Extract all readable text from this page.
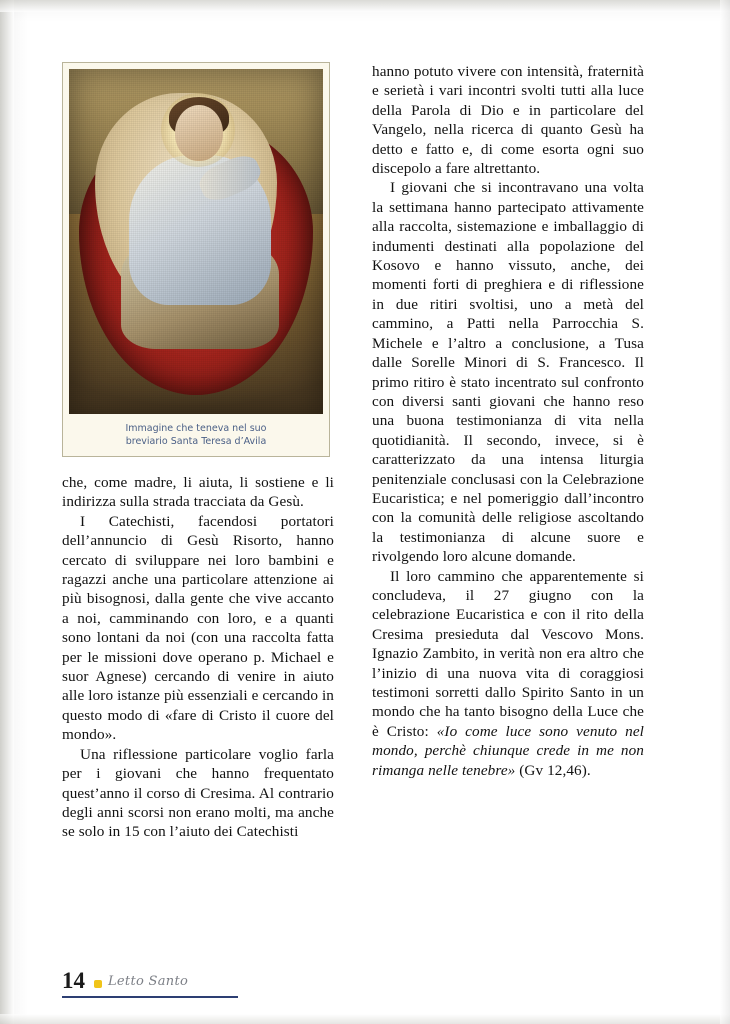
Immagine che teneva nel suo
breviario Santa Teresa d’Avila

che, come madre, li aiuta, li sostiene e li indirizza sulla strada tracciata da Gesù.

I Catechisti, facendosi portatori dell’annuncio di Gesù Risorto, hanno cercato di sviluppare nei loro bambini e ragazzi anche una particolare attenzione ai più bisognosi, dalla gente che vive accanto a noi, camminando con loro, e a quanti sono lontani da noi (con una raccolta fatta per le missioni dove operano p. Michael e suor Agnese) cercando di venire in aiuto alle loro istanze più essenziali e cercando in questo modo di «fare di Cristo il cuore del mondo».

Una riflessione particolare voglio farla per i giovani che hanno frequentato quest’anno il corso di Cresima. Al contrario degli anni scorsi non erano molti, ma anche se solo in 15 con l’aiuto dei Catechisti

hanno potuto vivere con intensità, fraternità e serietà i vari incontri svolti tutti alla luce della Parola di Dio e in particolare del Vangelo, nella ricerca di quanto Gesù ha detto e fatto e, di come esorta ogni suo discepolo a fare altrettanto.

I giovani che si incontravano una volta la settimana hanno partecipato attivamente alla raccolta, sistemazione e imballaggio di indumenti destinati alla popolazione del Kosovo e hanno vissuto, anche, dei momenti forti di preghiera e di riflessione in due ritiri svoltisi, uno a metà del cammino, a Patti nella Parrocchia S. Michele e l’altro a conclusione, a Tusa dalle Sorelle Minori di S. Francesco. Il primo ritiro è stato incentrato sul confronto con diversi santi giovani che hanno reso una buona testimonianza di vita nella quotidianità. Il secondo, invece, si è caratterizzato da una intensa liturgia penitenziale conclusasi con la Celebrazione Eucaristica; e nel pomeriggio dall’incontro con la comunità delle religiose ascoltando la testimonianza di alcune suore e rivolgendo loro alcune domande.

Il loro cammino che apparentemente si concludeva, il 27 giugno con la celebrazione Eucaristica e con il rito della Cresima presieduta dal Vescovo Mons. Ignazio Zambito, in verità non era altro che l’inizio di una nuova vita di coraggiosi testimoni sorretti dallo Spirito Santo in un mondo che ha tanto bisogno della Luce che è Cristo: «Io come luce sono venuto nel mondo, perchè chiunque crede in me non rimanga nelle tenebre» (Gv 12,46).

14 Letto Santo
